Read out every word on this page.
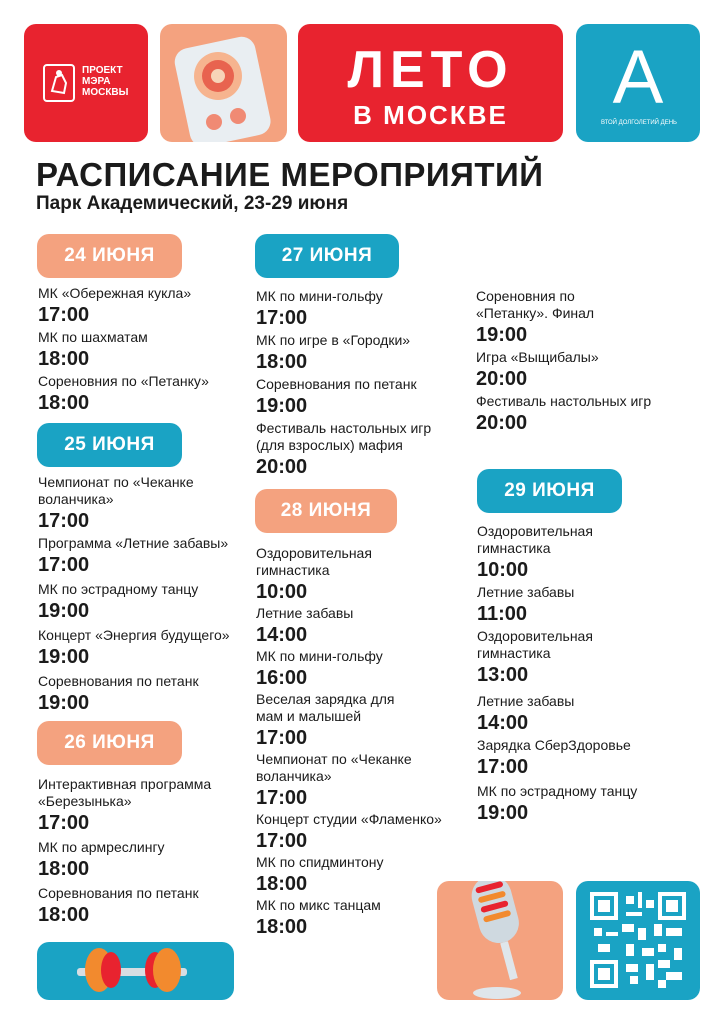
ПРОЕКТ
МЭРА
МОСКВЫ	ЛЕТО
В МОСКВЕ	А
ВТОЙ ДОЛГОЛЕТИЙ ДЕНЬ
РАСПИСАНИЕ МЕРОПРИЯТИЙ
Парк Академический, 23-29 июня
24 ИЮНЯ
МК «Обережная кукла»
17:00
МК по шахматам
18:00
Сореновния по «Петанку»
18:00
25 ИЮНЯ
Чемпионат по «Чеканке воланчика»
17:00
Программа «Летние забавы»
17:00
МК по эстрадному танцу
19:00
Концерт «Энергия будущего»
19:00
Соревнования по петанк
19:00
26 ИЮНЯ
Интерактивная программа «Березынька»
17:00
МК по армреслингу
18:00
Соревнования по петанк
18:00
27 ИЮНЯ
МК по мини-гольфу
17:00
МК по игре в «Городки»
18:00
Соревнования по петанк
19:00
Фестиваль настольных игр (для взрослых) мафия
20:00
28 ИЮНЯ
Оздоровительная гимнастика
10:00
Летние забавы
14:00
МК по мини-гольфу
16:00
Веселая зарядка для мам и малышей
17:00
Чемпионат по «Чеканке воланчика»
17:00
Концерт студии «Фламенко»
17:00
МК по спидминтону
18:00
МК по микс танцам
18:00
Сореновния по «Петанку». Финал
19:00
Игра «Выщибалы»
20:00
Фестиваль настольных игр
20:00
29 ИЮНЯ
Оздоровительная гимнастика
10:00
Летние забавы
11:00
Оздоровительная гимнастика
13:00
Летние забавы
14:00
Зарядка СберЗдоровье
17:00
МК по эстрадному танцу
19:00
